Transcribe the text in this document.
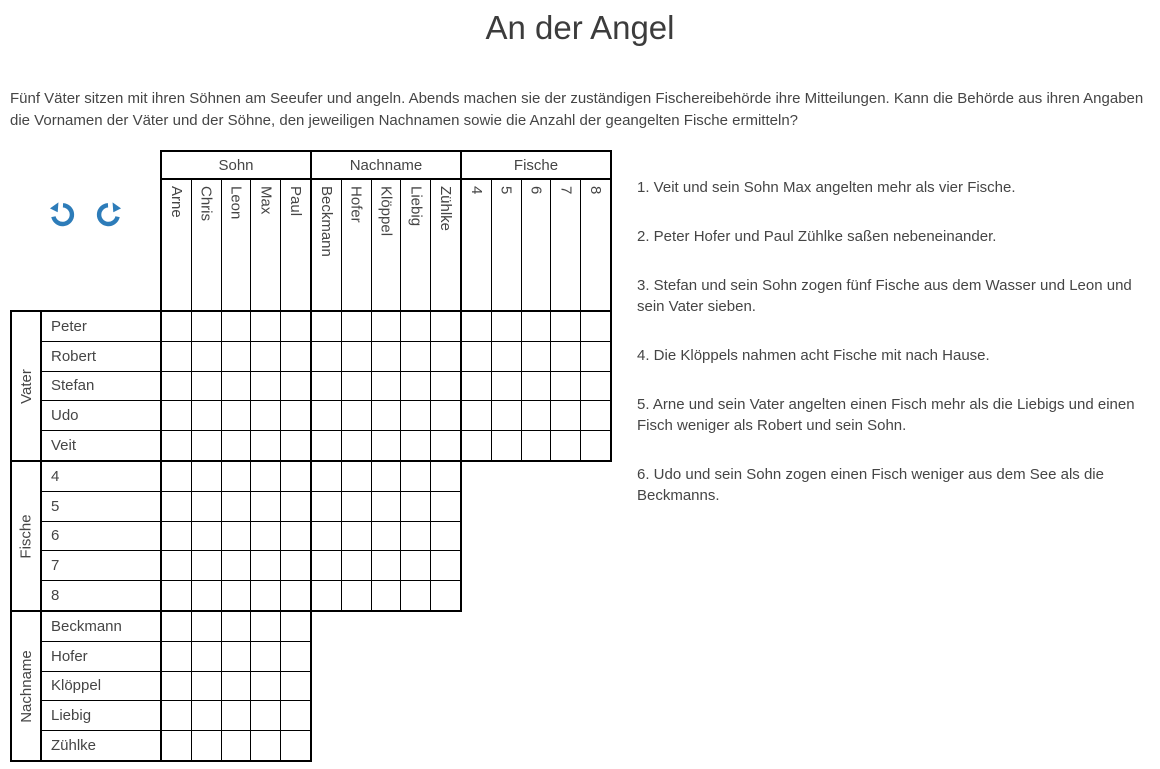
An der Angel
Fünf Väter sitzen mit ihren Söhnen am Seeufer und angeln. Abends machen sie der zuständigen Fischereibehörde ihre Mitteilungen. Kann die Behörde aus ihren Angaben die Vornamen der Väter und der Söhne, den jeweiligen Nachnamen sowie die Anzahl der geangelten Fische ermitteln?
Sohn
Arne Chris Leon Max Paul
Nachname
Beckmann Hofer Klöppel Liebig Zühlke
Fische
4 5 6 7 8
Vater
Peter
Robert
Stefan
Udo
Veit
Fische
4
5
6
7
8
Nachname
Beckmann
Hofer
Klöppel
Liebig
Zühlke

1. Veit und sein Sohn Max angelten mehr als vier Fische.

2. Peter Hofer und Paul Zühlke saßen nebeneinander.

3. Stefan und sein Sohn zogen fünf Fische aus dem Wasser und Leon und sein Vater sieben.

4. Die Klöppels nahmen acht Fische mit nach Hause.

5. Arne und sein Vater angelten einen Fisch mehr als die Liebigs und einen Fisch weniger als Robert und sein Sohn.

6. Udo und sein Sohn zogen einen Fisch weniger aus dem See als die Beckmanns.
